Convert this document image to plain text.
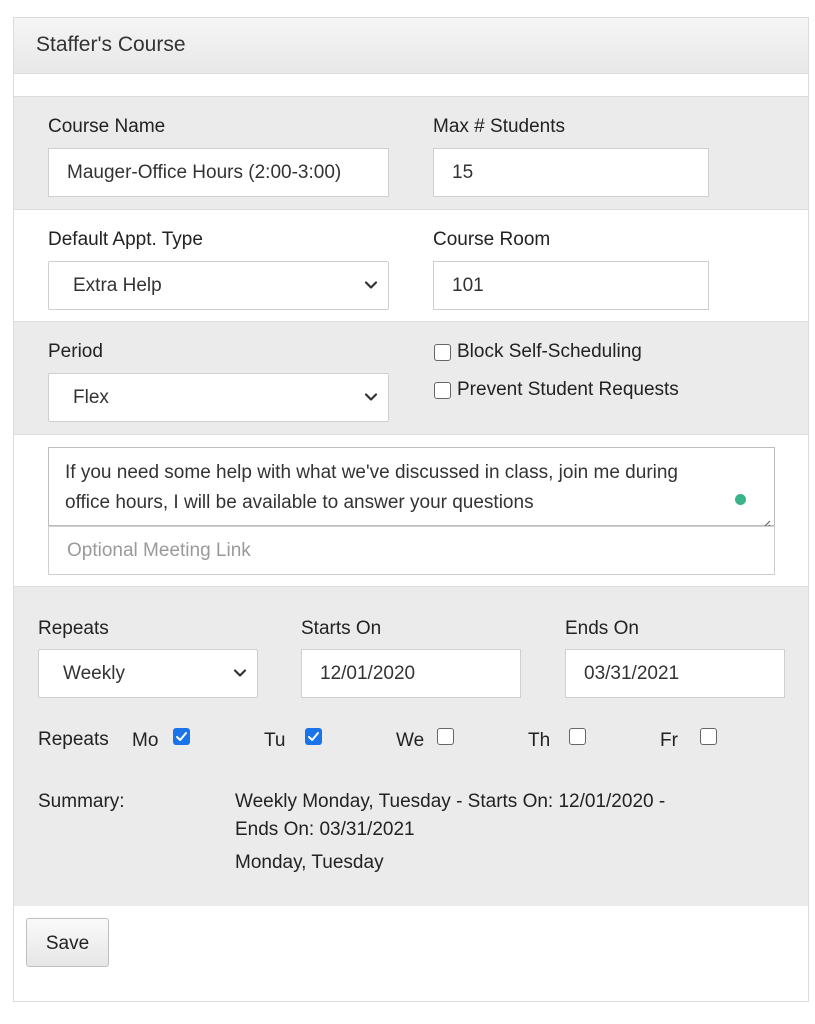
Staffer's Course
Course Name
Mauger-Office Hours (2:00-3:00)
Max # Students
15
Default Appt. Type
Extra Help
Course Room
101
Period
Flex
Block Self-Scheduling
Prevent Student Requests
If you need some help with what we've discussed in class, join me during
office hours, I will be available to answer your questions
Optional Meeting Link
Repeats
Weekly
Starts On
12/01/2020
Ends On
03/31/2021
Repeats Mo	Tu	We	Th	Fr
Summary:	Weekly Monday, Tuesday - Starts On: 12/01/2020 -
Ends On: 03/31/2021
Monday, Tuesday
Save
